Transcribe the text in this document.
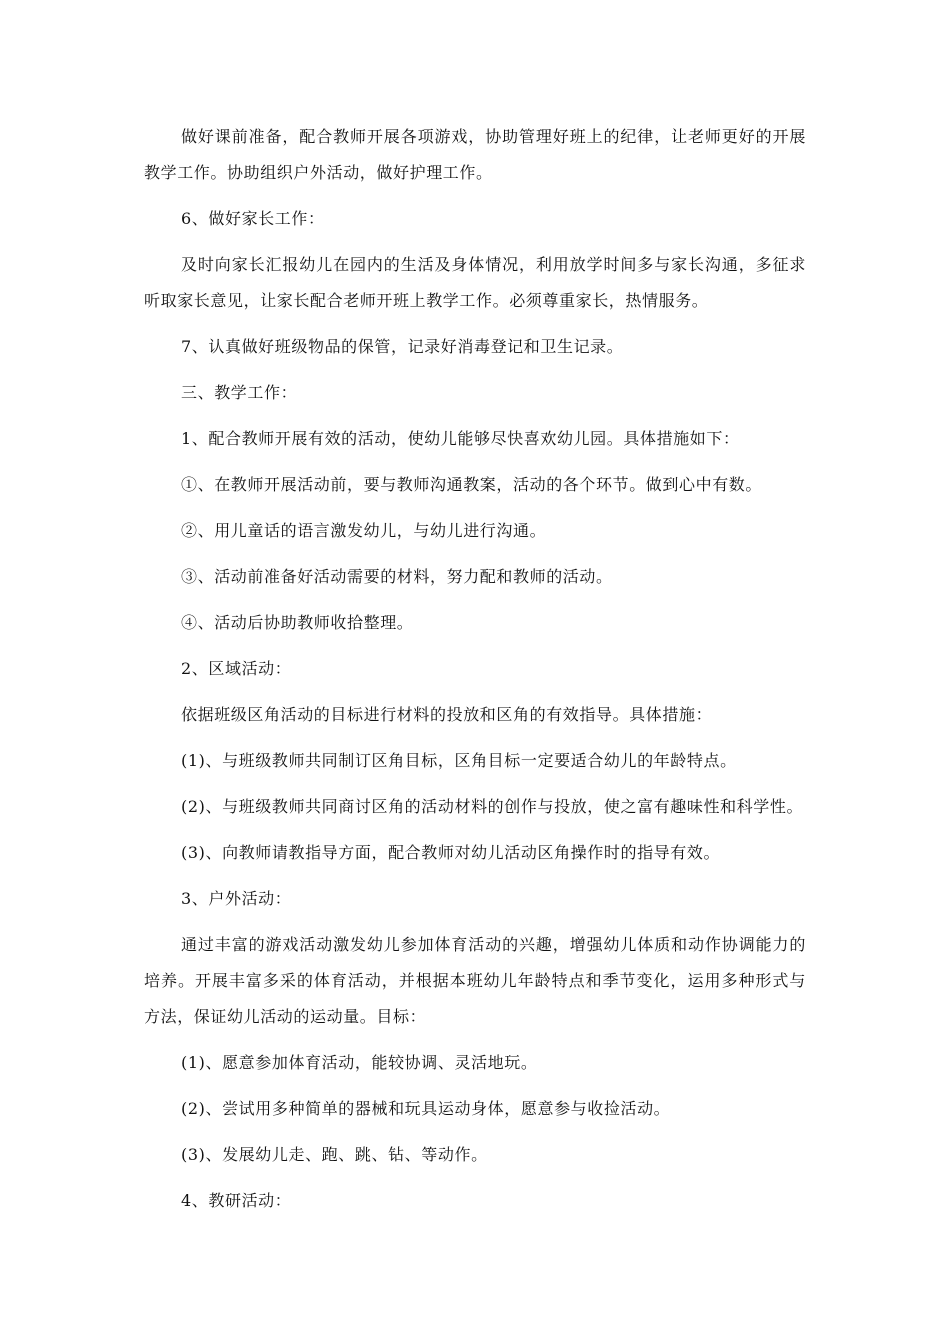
做好课前准备，配合教师开展各项游戏，协助管理好班上的纪律，让老师更好的开展教学工作。协助组织户外活动，做好护理工作。

6、做好家长工作：

及时向家长汇报幼儿在园内的生活及身体情况，利用放学时间多与家长沟通，多征求听取家长意见，让家长配合老师开班上教学工作。必须尊重家长，热情服务。

7、认真做好班级物品的保管，记录好消毒登记和卫生记录。

三、教学工作：

1、配合教师开展有效的活动，使幼儿能够尽快喜欢幼儿园。具体措施如下：

①、在教师开展活动前，要与教师沟通教案，活动的各个环节。做到心中有数。

②、用儿童话的语言激发幼儿，与幼儿进行沟通。

③、活动前准备好活动需要的材料，努力配和教师的活动。

④、活动后协助教师收拾整理。

2、区域活动：

依据班级区角活动的目标进行材料的投放和区角的有效指导。具体措施：

(1)、与班级教师共同制订区角目标，区角目标一定要适合幼儿的年龄特点。

(2)、与班级教师共同商讨区角的活动材料的创作与投放，使之富有趣味性和科学性。

(3)、向教师请教指导方面，配合教师对幼儿活动区角操作时的指导有效。

3、户外活动：

通过丰富的游戏活动激发幼儿参加体育活动的兴趣，增强幼儿体质和动作协调能力的培养。开展丰富多采的体育活动，并根据本班幼儿年龄特点和季节变化，运用多种形式与方法，保证幼儿活动的运动量。目标：

(1)、愿意参加体育活动，能较协调、灵活地玩。

(2)、尝试用多种简单的器械和玩具运动身体，愿意参与收捡活动。

(3)、发展幼儿走、跑、跳、钻、等动作。

4、教研活动：
